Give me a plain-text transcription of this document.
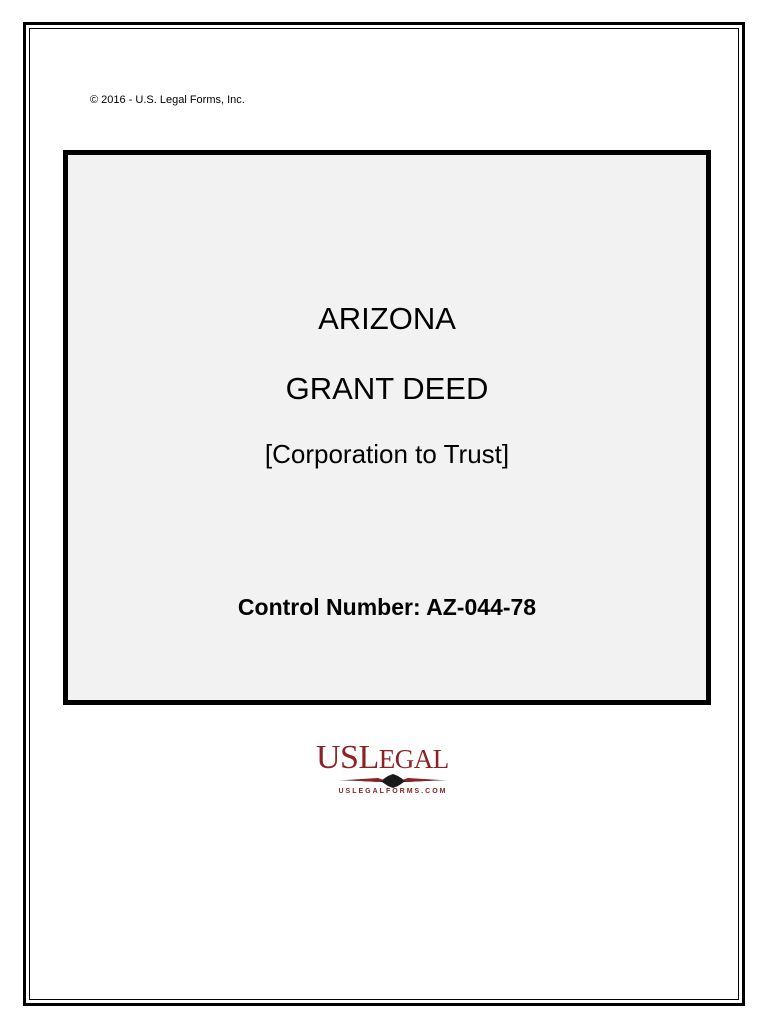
© 2016 - U.S. Legal Forms, Inc.
ARIZONA
GRANT DEED
[Corporation to Trust]
Control Number: AZ-044-78
USLEGAL
USLEGALFORMS.COM
